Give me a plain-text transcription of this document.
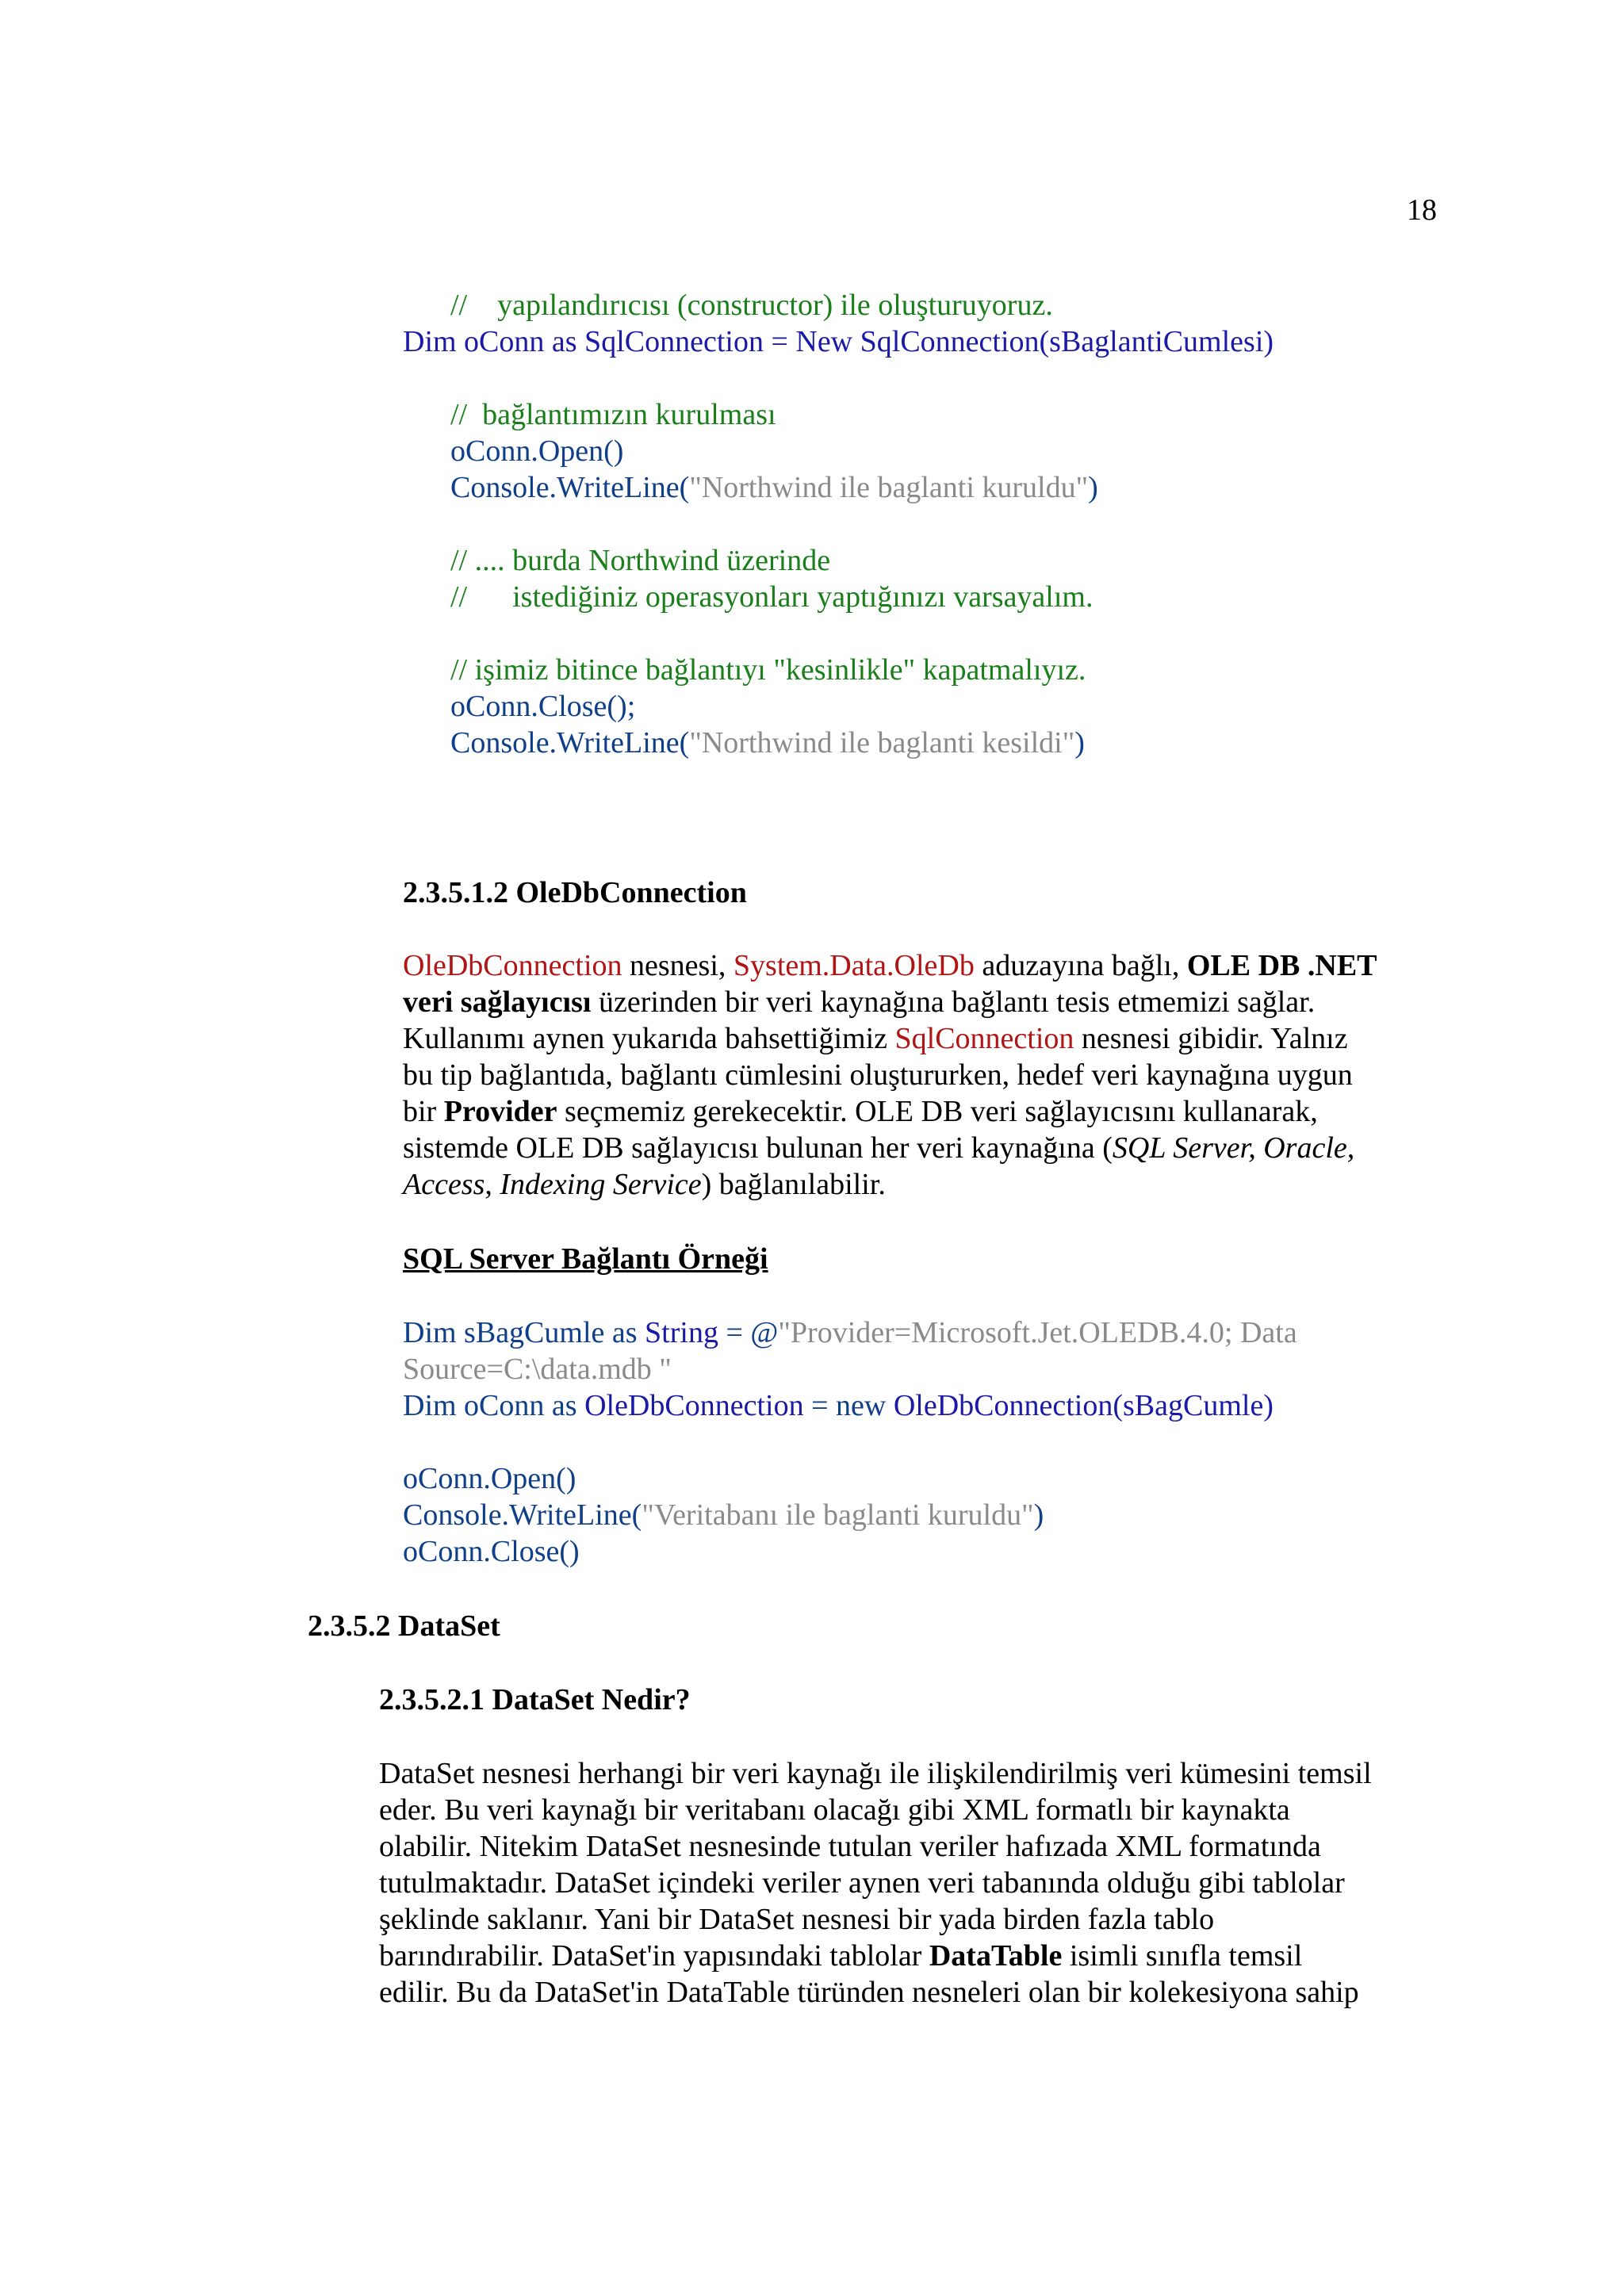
18
//    yapılandırıcısı (constructor) ile oluşturuyoruz.
Dim oConn as SqlConnection = New SqlConnection(sBaglantiCumlesi)
//  bağlantımızın kurulması
oConn.Open()
Console.WriteLine("Northwind ile baglanti kuruldu")
// .... burda Northwind üzerinde
//      istediğiniz operasyonları yaptığınızı varsayalım.
// işimiz bitince bağlantıyı "kesinlikle" kapatmalıyız.
oConn.Close();
Console.WriteLine("Northwind ile baglanti kesildi")
2.3.5.1.2 OleDbConnection
OleDbConnection nesnesi, System.Data.OleDb aduzayına bağlı, OLE DB .NET
veri sağlayıcısı üzerinden bir veri kaynağına bağlantı tesis etmemizi sağlar.
Kullanımı aynen yukarıda bahsettiğimiz SqlConnection nesnesi gibidir. Yalnız
bu tip bağlantıda, bağlantı cümlesini oluştururken, hedef veri kaynağına uygun
bir Provider seçmemiz gerekecektir. OLE DB veri sağlayıcısını kullanarak,
sistemde OLE DB sağlayıcısı bulunan her veri kaynağına (SQL Server, Oracle,
Access, Indexing Service) bağlanılabilir.
SQL Server Bağlantı Örneği
Dim sBagCumle as String = @"Provider=Microsoft.Jet.OLEDB.4.0; Data
Source=C:\data.mdb "
Dim oConn as OleDbConnection = new OleDbConnection(sBagCumle)
oConn.Open()
Console.WriteLine("Veritabanı ile baglanti kuruldu")
oConn.Close()
2.3.5.2 DataSet
2.3.5.2.1 DataSet Nedir?
DataSet nesnesi herhangi bir veri kaynağı ile ilişkilendirilmiş veri kümesini temsil
eder. Bu veri kaynağı bir veritabanı olacağı gibi XML formatlı bir kaynakta
olabilir. Nitekim DataSet nesnesinde tutulan veriler hafızada XML formatında
tutulmaktadır. DataSet içindeki veriler aynen veri tabanında olduğu gibi tablolar
şeklinde saklanır. Yani bir DataSet nesnesi bir yada birden fazla tablo
barındırabilir. DataSet'in yapısındaki tablolar DataTable isimli sınıfla temsil
edilir. Bu da DataSet'in DataTable türünden nesneleri olan bir kolekesiyona sahip
